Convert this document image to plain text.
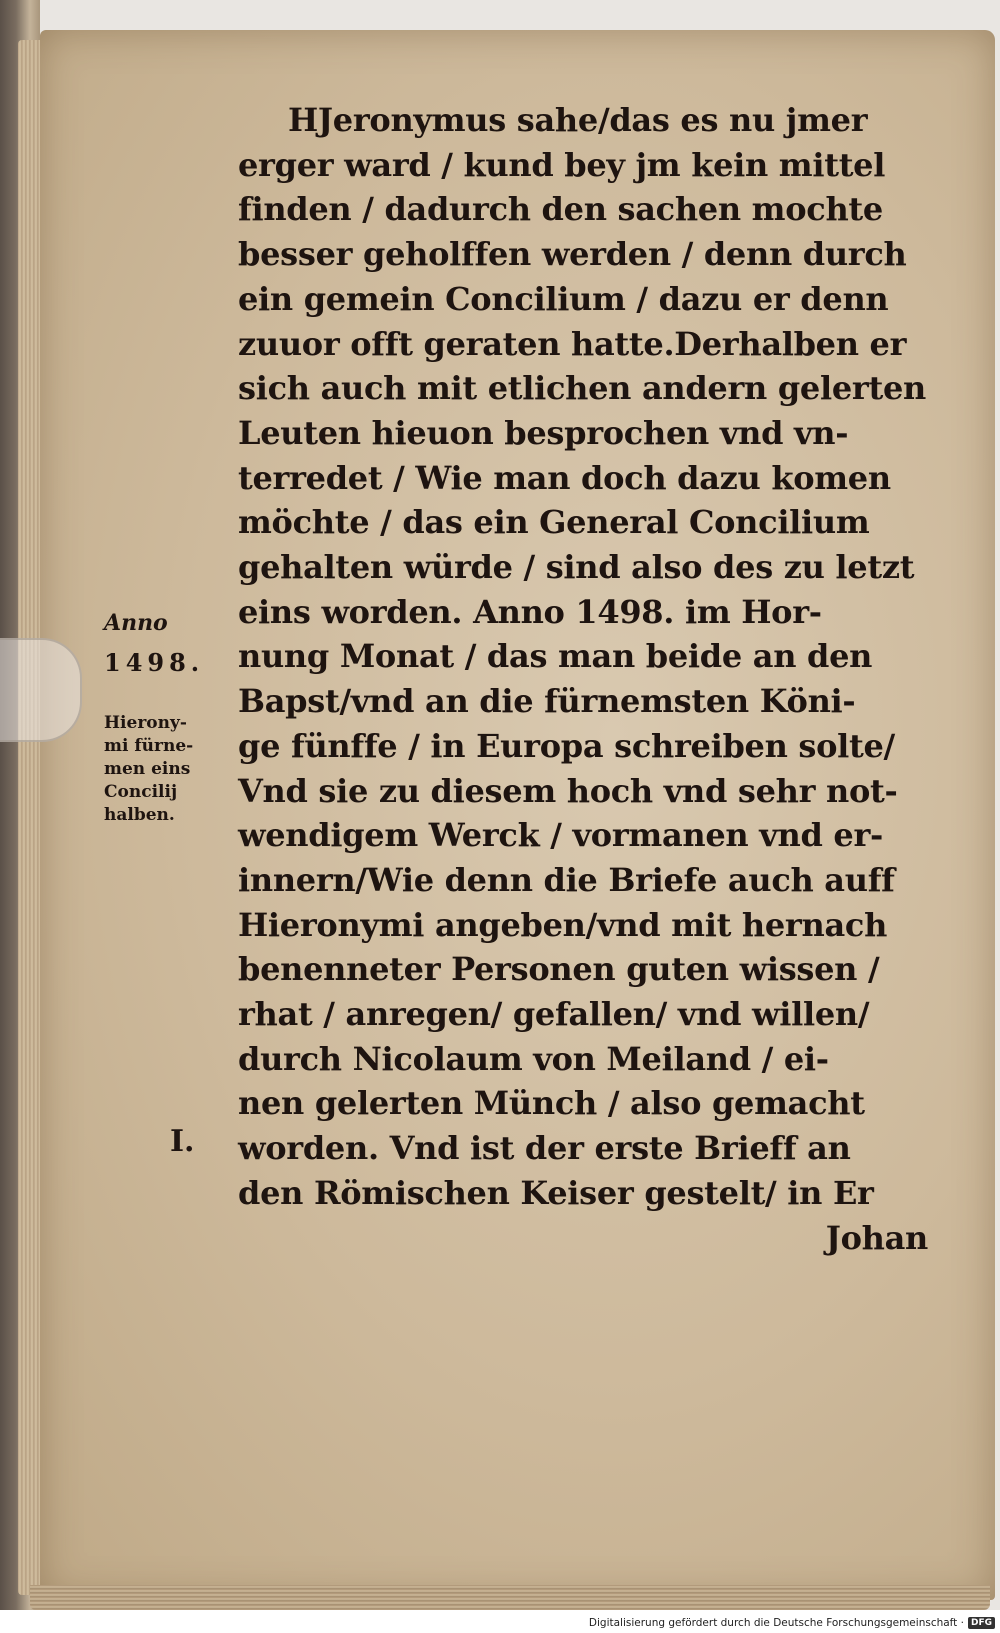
HJeronymus sahe/das es nu jmer
erger ward / kund bey jm kein mittel
finden / dadurch den sachen mochte
besser geholffen werden / denn durch
ein gemein Concilium / dazu er denn
zuuor offt geraten hatte.Derhalben er
sich auch mit etlichen andern gelerten
Leuten hieuon besprochen vnd vn-
terredet / Wie man doch dazu komen
möchte / das ein General Concilium
gehalten würde / sind also des zu letzt
eins worden. Anno 1498. im Hor-
nung Monat / das man beide an den
Bapst/vnd an die fürnemsten Köni-
ge fünffe / in Europa schreiben solte/
Vnd sie zu diesem hoch vnd sehr not-
wendigem Werck / vormanen vnd er-
innern/Wie denn die Briefe auch auff
Hieronymi angeben/vnd mit hernach
benenneter Personen guten wissen /
rhat / anregen/ gefallen/ vnd willen/
durch Nicolaum von Meiland / ei-
nen gelerten Münch / also gemacht
worden. Vnd ist der erste Brieff an
den Römischen Keiser gestelt/ in Er
Johan
Anno
1498.
Hierony-
mi fürne-
men eins
Concilij
halben.
I.
Digitalisierung gefördert durch die Deutsche Forschungsgemeinschaft · DFG
